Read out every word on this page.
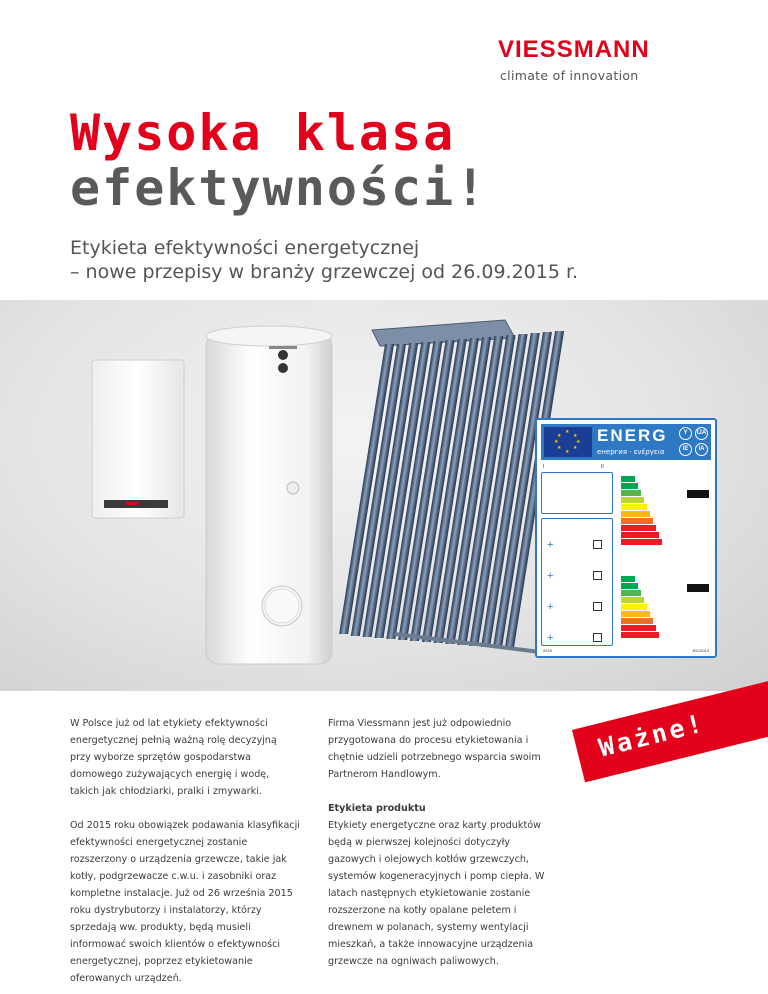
VIESSMANN
climate of innovation
Wysoka klasa
efektywności!
Etykieta efektywności energetycznej
– nowe przepisy w branży grzewczej od 26.09.2015 r.
★
★ ★
★	★
★ ★
★
ENERG
енергия · ενέργεια
Y	IJA
IE	IA
I	II
+
+
+
+
2015	811/2013

W Polsce już od lat etykiety efektywności energetycznej pełnią ważną rolę decyzyjną przy wyborze sprzętów gospodarstwa domowego zużywających energię i wodę, takich jak chłodziarki, pralki i zmywarki.

Od 2015 roku obowiązek podawania klasyfikacji efektywności energetycznej zostanie rozszerzony o urządzenia grzewcze, takie jak kotły, podgrzewacze c.w.u. i zasobniki oraz kompletne instalacje. Już od 26 września 2015 roku dystrybutorzy i instalatorzy, którzy sprzedają ww. produkty, będą musieli informować swoich klientów o efektywności energetycznej, poprzez etykietowanie oferowanych urządzeń.

Firma Viessmann jest już odpowiednio przygotowana do procesu etykietowania i chętnie udzieli potrzebnego wsparcia swoim Partnerom Handlowym.

Etykieta produktu

Etykiety energetyczne oraz karty produktów będą w pierwszej kolejności dotyczyły gazowych i olejowych kotłów grzewczych, systemów kogeneracyjnych i pomp ciepła. W latach następnych etykietowanie zostanie rozszerzone na kotły opalane peletem i drewnem w polanach, systemy wentylacji mieszkań, a także innowacyjne urządzenia grzewcze na ogniwach paliwowych.

Ważne!
